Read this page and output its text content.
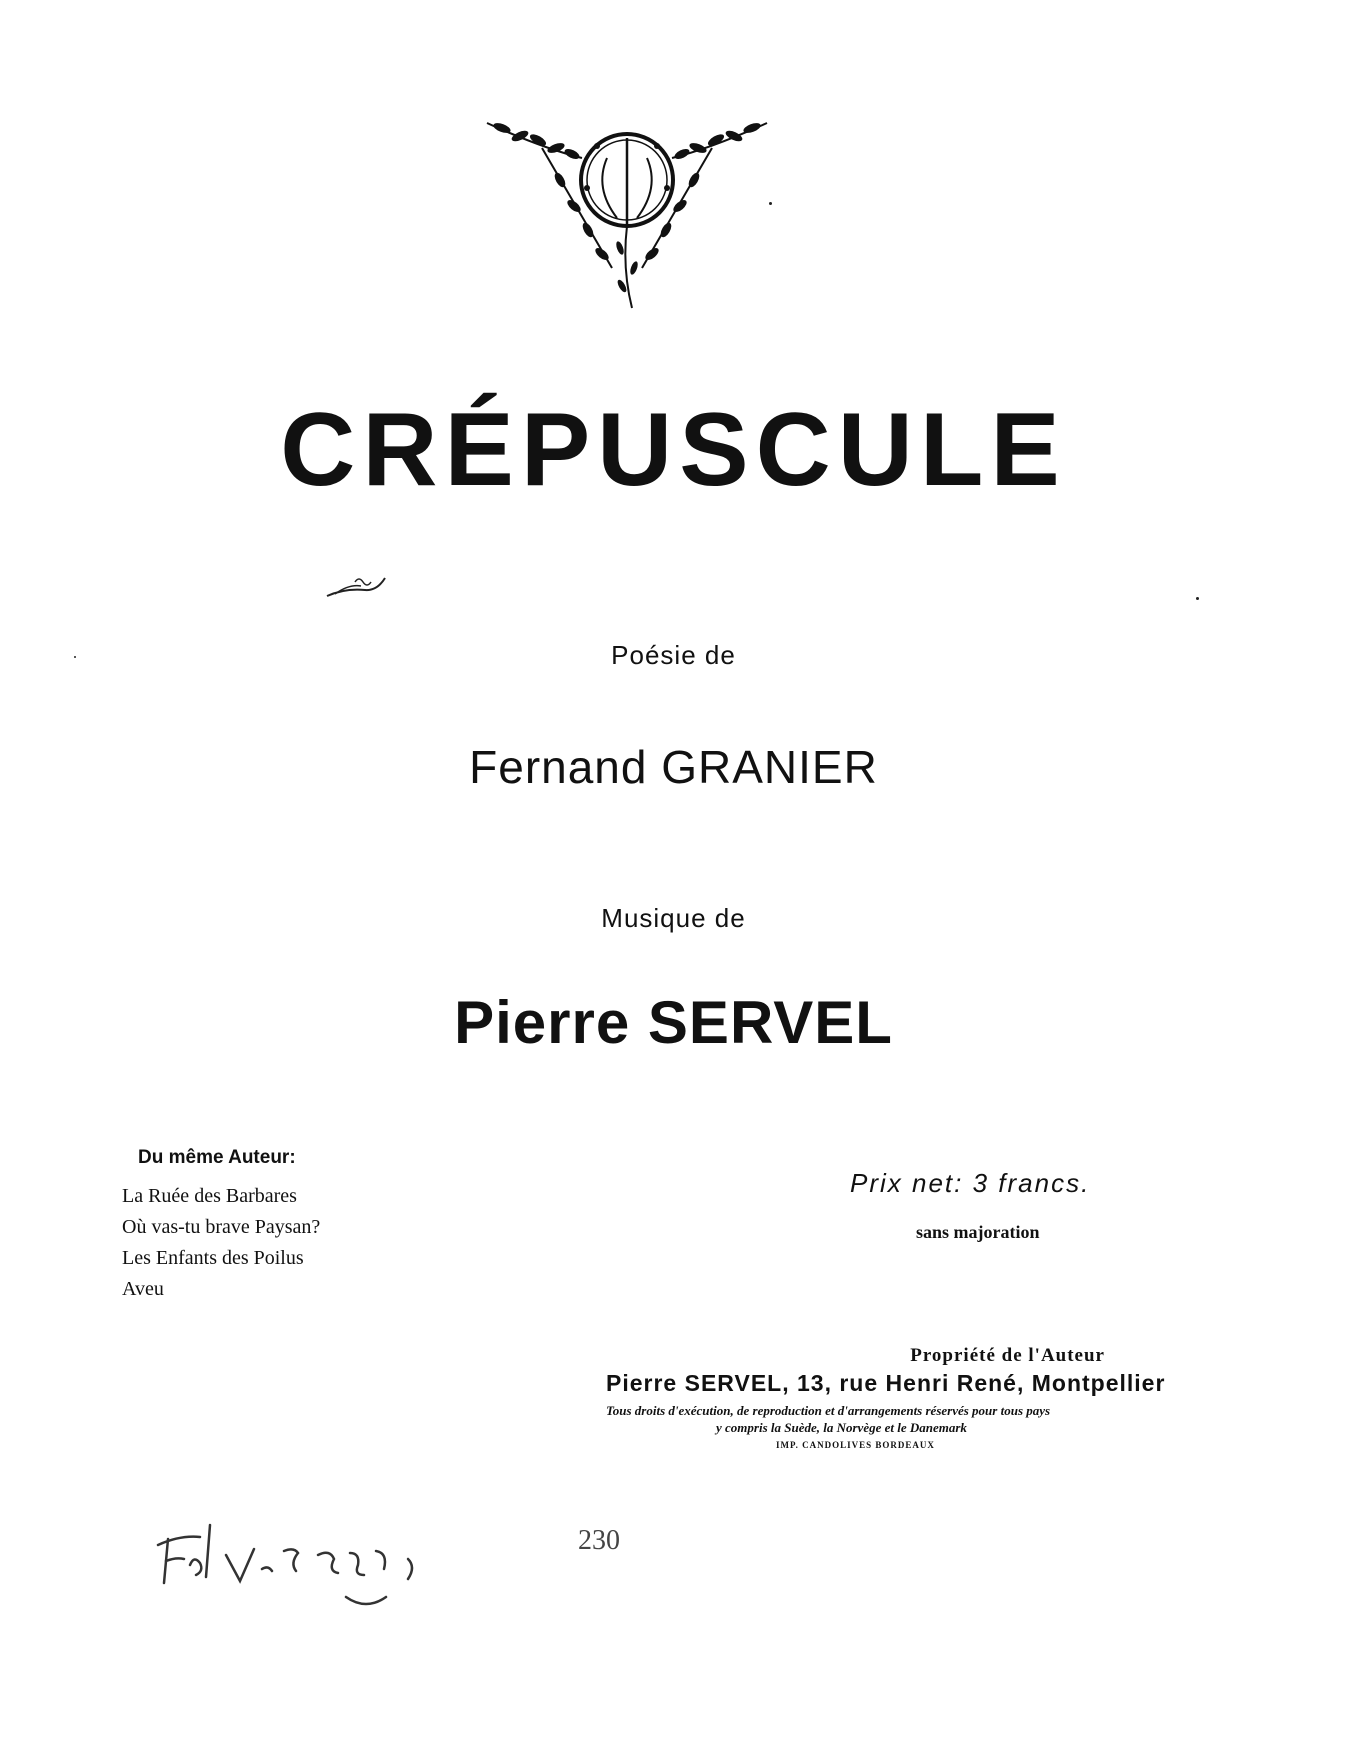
CRÉPUSCULE
Poésie de
Fernand GRANIER
Musique de
Pierre SERVEL
Du même Auteur:
La Ruée des Barbares
Où vas-tu brave Paysan?
Les Enfants des Poilus
Aveu
Prix net: 3 francs.
sans majoration
Propriété de l'Auteur
Pierre SERVEL, 13, rue Henri René, Montpellier
Tous droits d'exécution, de reproduction et d'arrangements réservés pour tous pays
y compris la Suède, la Norvège et le Danemark
IMP. CANDOLIVES BORDEAUX
230
